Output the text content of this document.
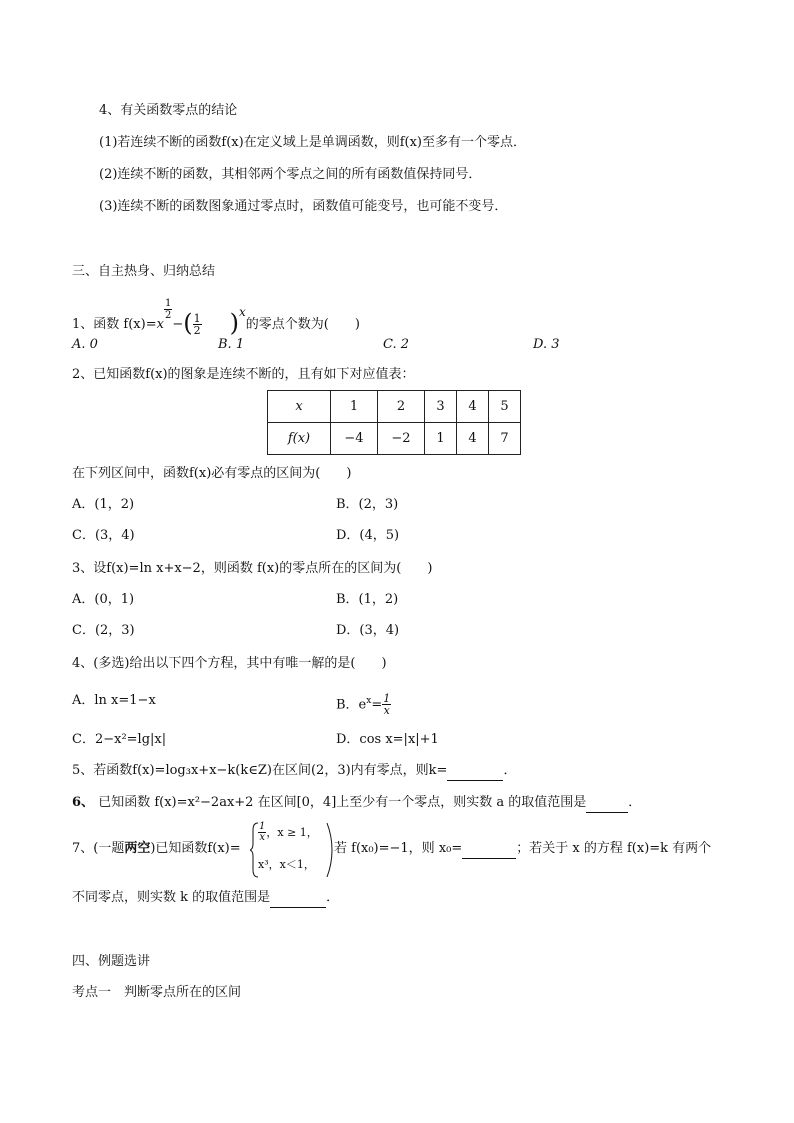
4、有关函数零点的结论
(1)若连续不断的函数f(x)在定义域上是单调函数，则f(x)至多有一个零点．
(2)连续不断的函数，其相邻两个零点之间的所有函数值保持同号．
(3)连续不断的函数图象通过零点时，函数值可能变号，也可能不变号．
三、自主热身、归纳总结
1、函数 f(x)=x
$\frac{1}{2}$
−( $\frac{1}{2} )x$的零点个数为(　　)
A. 0	B. 1	C. 2	D. 3
2、已知函数f(x)的图象是连续不断的，且有如下对应值表：
x	1	2	3	4	5
f(x)	−4	−2	1	4	7
在下列区间中，函数f(x)必有零点的区间为(　　)
A．(1，2)	B．(2，3)
C．(3，4)	D．(4，5)
3、设f(x)=ln x+x−2，则函数 f(x)的零点所在的区间为(　　)
A．(0，1)	B．(1，2)
C．(2，3)	D．(3，4)
4、(多选)给出以下四个方程，其中有唯一解的是(　　)
A．ln x=1−x	B．$e^x= \frac{1}{x}$
C．2−x²=lg|x|	D．cos x=|x|+1
5、若函数f(x)=log₃x+x−k(k∈Z)在区间(2，3)内有零点，则k=	．
6、 已知函数 f(x)=x²−2ax+2 在区间[0，4]上至少有一个零点，则实数 a 的取值范围是	．
7、(一题两空)已知函数f(x)=
$\frac{1}{x}$ ，x ≥ 1，
x³，x＜1，
若 f(x₀)=−1，则 x₀=	；若关于 x 的方程 f(x)=k 有两个
不同零点，则实数 k 的取值范围是	．
四、例题选讲
考点一　判断零点所在的区间
